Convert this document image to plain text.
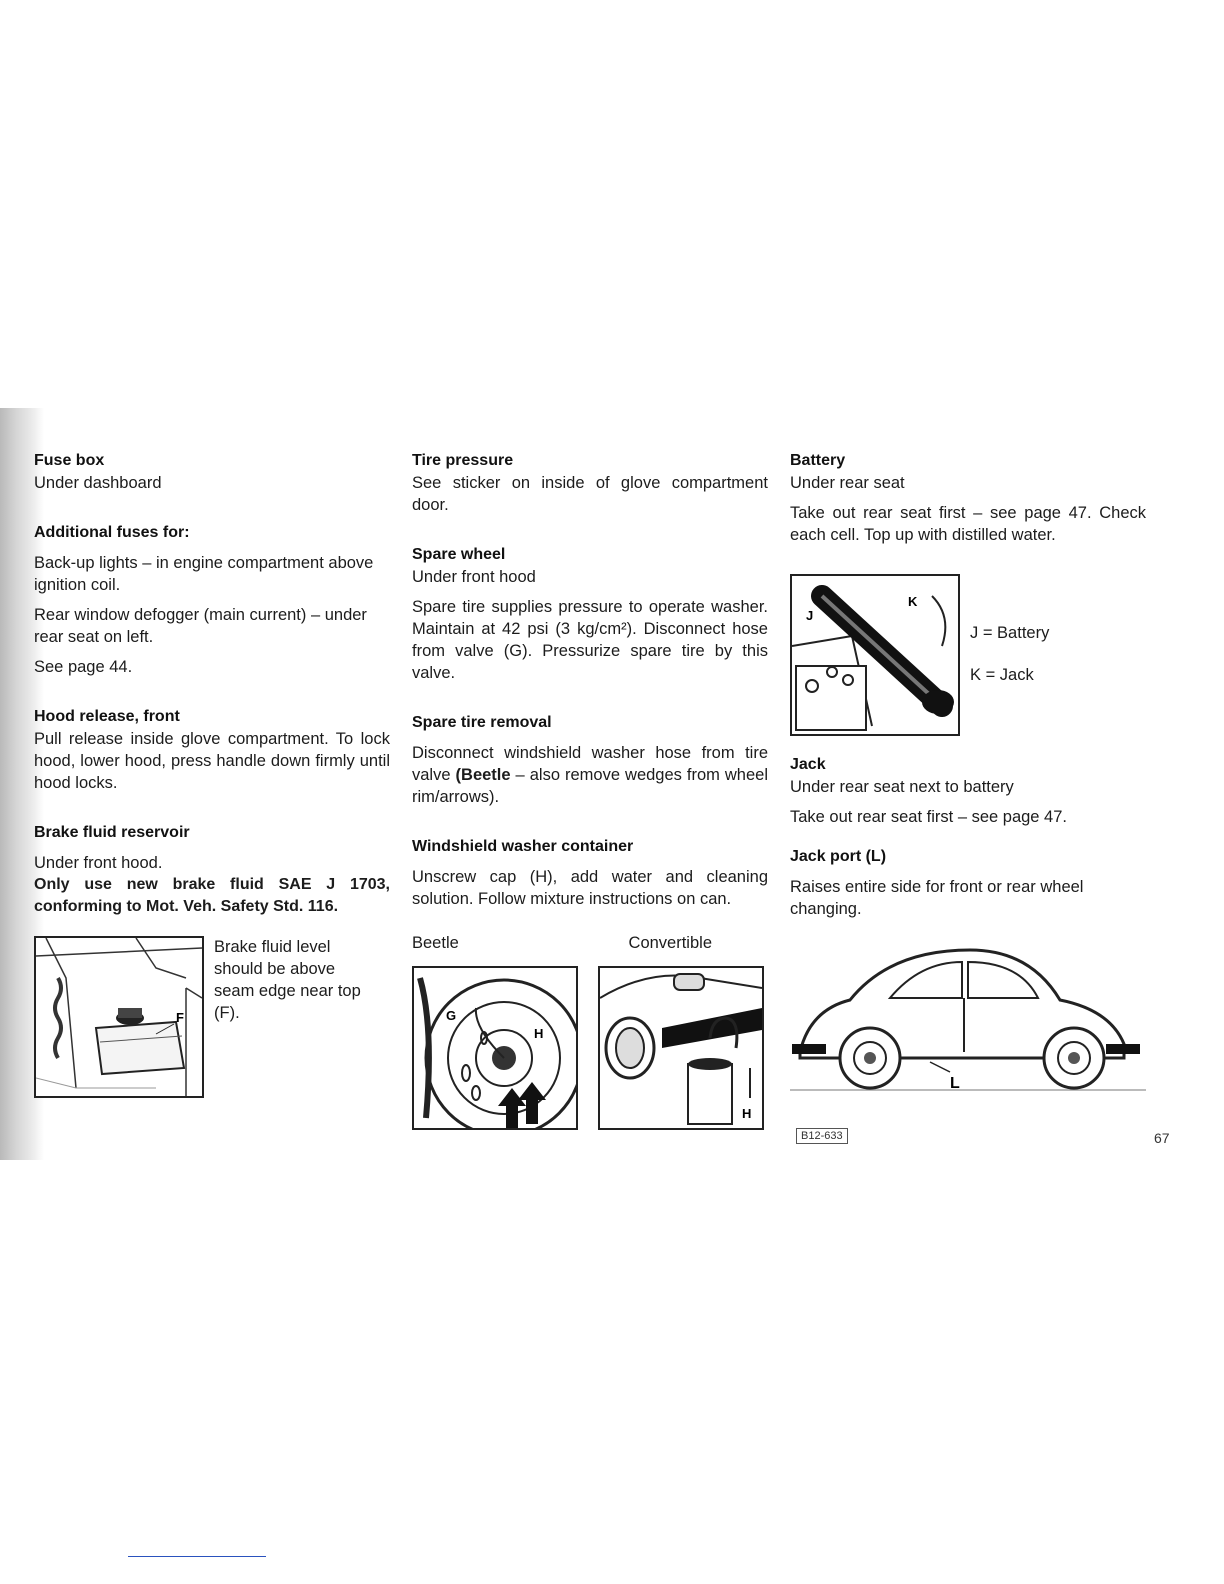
Fuse box

Under dashboard

Additional fuses for:

Back-up lights – in engine compartment above ignition coil.

Rear window defogger (main current) – under rear seat on left.

See page 44.

Hood release, front

Pull release inside glove compartment. To lock hood, lower hood, press handle down firmly until hood locks.

Brake fluid reservoir

Under front hood.

Only use new brake fluid SAE J 1703, conforming to Mot. Veh. Safety Std. 116.

F

Brake fluid level should be above seam edge near top (F).

Tire pressure

See sticker on inside of glove compartment door.

Spare wheel

Under front hood

Spare tire supplies pressure to operate washer. Maintain at 42 psi (3 kg/cm²). Disconnect hose from valve (G). Pressurize spare tire by this valve.

Spare tire removal

Disconnect windshield washer hose from tire valve (Beetle – also remove wedges from wheel rim/arrows).

Windshield washer container

Unscrew cap (H), add water and cleaning solution. Follow mixture instructions on can.

Beetle	Convertible

G
H	G
H
Battery

Under rear seat

Take out rear seat first – see page 47. Check each cell. Top up with distilled water.

J
K

J = Battery

K = Jack

Jack

Under rear seat next to battery

Take out rear seat first – see page 47.

Jack port (L)

Raises entire side for front or rear wheel changing.

L
B12-633	67
